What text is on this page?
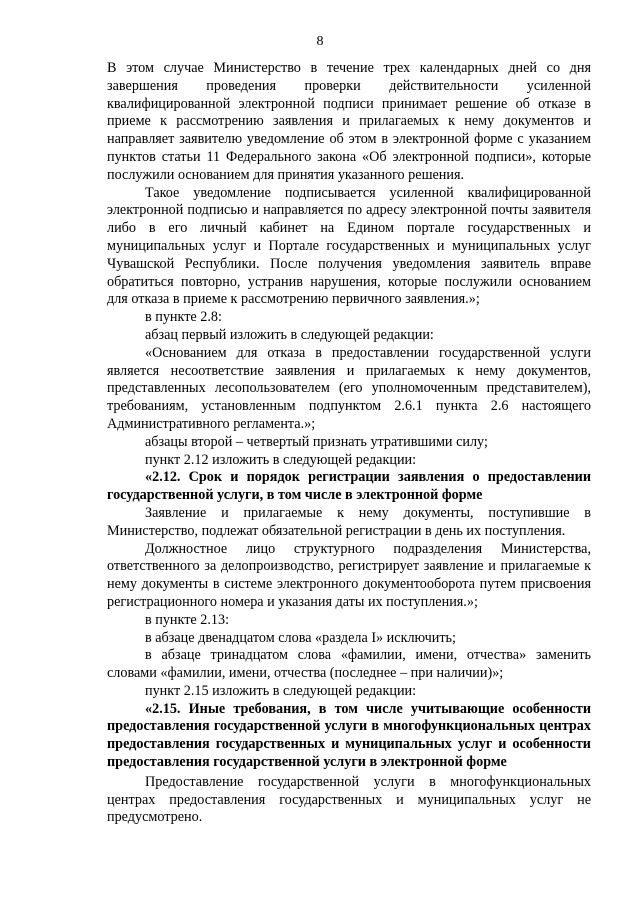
8

В этом случае Министерство в течение трех календарных дней со дня завершения проведения проверки действительности усиленной квалифицированной электронной подписи принимает решение об отказе в приеме к рассмотрению заявления и прилагаемых к нему документов и направляет заявителю уведомление об этом в электронной форме с указанием пунктов статьи 11 Федерального закона «Об электронной подписи», которые послужили основанием для принятия указанного решения.

Такое уведомление подписывается усиленной квалифицированной электронной подписью и направляется по адресу электронной почты заявителя либо в его личный кабинет на Едином портале государственных и муниципальных услуг и Портале государственных и муниципальных услуг Чувашской Республики. После получения уведомления заявитель вправе обратиться повторно, устранив нарушения, которые послужили основанием для отказа в приеме к рассмотрению первичного заявления.»;

в пункте 2.8:

абзац первый изложить в следующей редакции:

«Основанием для отказа в предоставлении государственной услуги является несоответствие заявления и прилагаемых к нему документов, представленных лесопользователем (его уполномоченным представителем), требованиям, установленным подпунктом 2.6.1 пункта 2.6 настоящего Административного регламента.»;

абзацы второй – четвертый признать утратившими силу;

пункт 2.12 изложить в следующей редакции:

«2.12. Срок и порядок регистрации заявления о предоставлении государственной услуги, в том числе в электронной форме

Заявление и прилагаемые к нему документы, поступившие в Министерство, подлежат обязательной регистрации в день их поступления.

Должностное лицо структурного подразделения Министерства, ответственного за делопроизводство, регистрирует заявление и прилагаемые к нему документы в системе электронного документооборота путем присвоения регистрационного номера и указания даты их поступления.»;

в пункте 2.13:

в абзаце двенадцатом слова «раздела I» исключить;

в абзаце тринадцатом слова «фамилии, имени, отчества» заменить словами «фамилии, имени, отчества (последнее – при наличии)»;

пункт 2.15 изложить в следующей редакции:

«2.15. Иные требования, в том числе учитывающие особенности предоставления государственной услуги в многофункциональных центрах предоставления государственных и муниципальных услуг и особенности предоставления государственной услуги в электронной форме

Предоставление государственной услуги в многофункциональных центрах предоставления государственных и муниципальных услуг не предусмотрено.
